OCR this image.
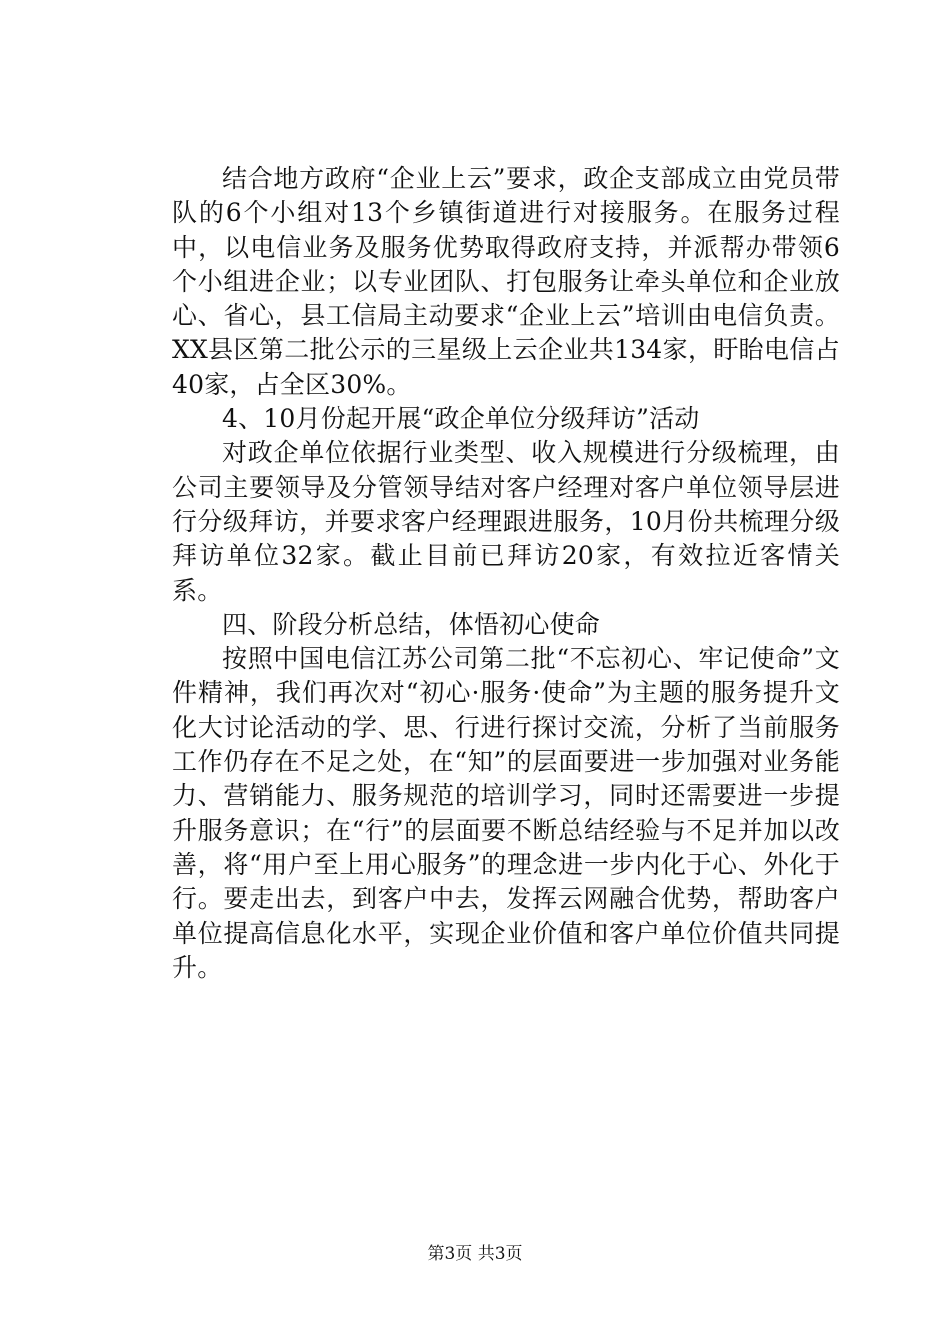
结合地方政府“企业上云”要求，政企支部成立由党员带队的6个小组对13个乡镇街道进行对接服务。在服务过程中，以电信业务及服务优势取得政府支持，并派帮办带领6个小组进企业；以专业团队、打包服务让牵头单位和企业放心、省心，县工信局主动要求“企业上云”培训由电信负责。XX县区第二批公示的三星级上云企业共134家，盱眙电信占40家，占全区30%。

4、10月份起开展“政企单位分级拜访”活动

对政企单位依据行业类型、收入规模进行分级梳理，由公司主要领导及分管领导结对客户经理对客户单位领导层进行分级拜访，并要求客户经理跟进服务，10月份共梳理分级拜访单位32家。截止目前已拜访20家，有效拉近客情关系。

四、阶段分析总结，体悟初心使命

按照中国电信江苏公司第二批“不忘初心、牢记使命”文件精神，我们再次对“初心·服务·使命”为主题的服务提升文化大讨论活动的学、思、行进行探讨交流，分析了当前服务工作仍存在不足之处，在“知”的层面要进一步加强对业务能力、营销能力、服务规范的培训学习，同时还需要进一步提升服务意识；在“行”的层面要不断总结经验与不足并加以改善，将“用户至上用心服务”的理念进一步内化于心、外化于行。要走出去，到客户中去，发挥云网融合优势，帮助客户单位提高信息化水平，实现企业价值和客户单位价值共同提升。

第3页 共3页
